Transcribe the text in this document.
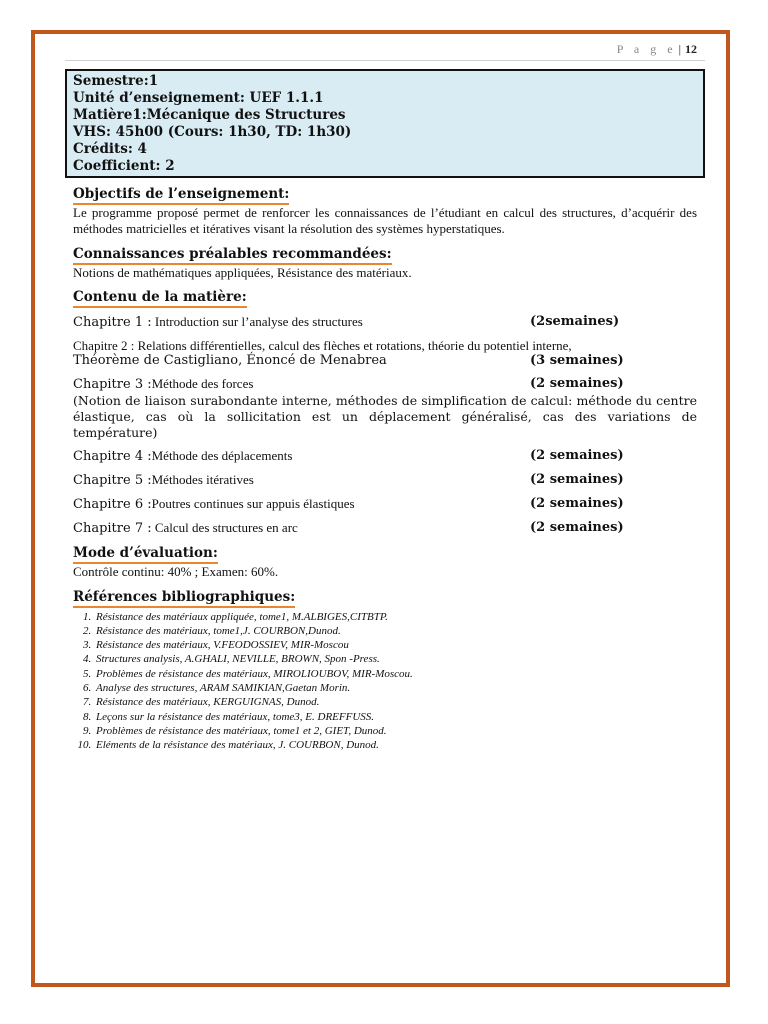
P a g e | 12
Semestre:1
Unité d’enseignement: UEF 1.1.1
Matière1:Mécanique des Structures
VHS: 45h00 (Cours: 1h30, TD: 1h30)
Crédits: 4
Coefficient: 2
Objectifs de l’enseignement:
Le programme proposé permet de renforcer les connaissances de l’étudiant en calcul des structures, d’acquérir des méthodes matricielles et itératives visant la résolution des systèmes hyperstatiques.
Connaissances préalables recommandées:
Notions de mathématiques appliquées, Résistance des matériaux.
Contenu de la matière:
Chapitre 1 : Introduction sur l’analyse des structures	(2semaines)
Chapitre 2 : Relations différentielles, calcul des flèches et rotations, théorie du potentiel interne,
Théorème de Castigliano, Énoncé de Menabrea	(3 semaines)
Chapitre 3 :Méthode des forces	(2 semaines)
(Notion de liaison surabondante interne, méthodes de simplification de calcul: méthode du centre élastique, cas où la sollicitation est un déplacement généralisé, cas des variations de température)
Chapitre 4 :Méthode des déplacements	(2 semaines)
Chapitre 5 :Méthodes itératives	(2 semaines)
Chapitre 6 :Poutres continues sur appuis élastiques	(2 semaines)
Chapitre 7 : Calcul des structures en arc	(2 semaines)
Mode d’évaluation:
Contrôle continu: 40% ; Examen: 60%.
Références bibliographiques:
1. Résistance des matériaux appliquée, tome1, M.ALBIGES,CITBTP.
2. Résistance des matériaux, tome1,J. COURBON,Dunod.
3. Résistance des matériaux, V.FEODOSSIEV, MIR-Moscou
4. Structures analysis, A.GHALI, NEVILLE, BROWN, Spon -Press.
5. Problèmes de résistance des matériaux, MIROLIOUBOV, MIR-Moscou.
6. Analyse des structures, ARAM SAMIKIAN,Gaetan Morin.
7. Résistance des matériaux, KERGUIGNAS, Dunod.
8. Leçons sur la résistance des matériaux, tome3, E. DREFFUSS.
9. Problèmes de résistance des matériaux, tome1 et 2, GIET, Dunod.
10. Eléments de la résistance des matériaux, J. COURBON, Dunod.
